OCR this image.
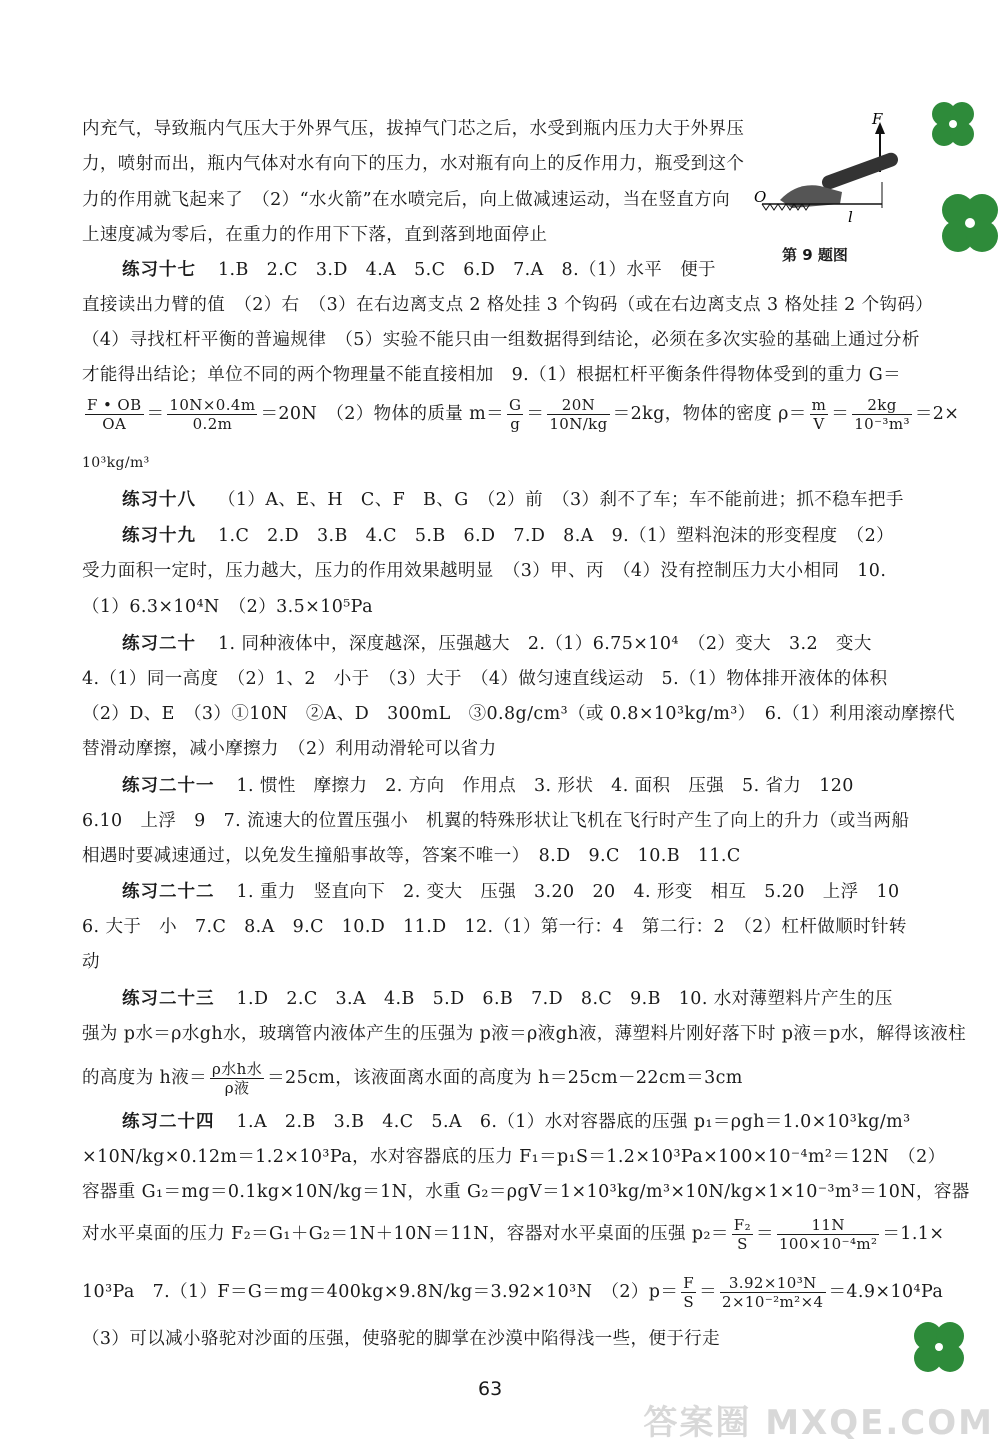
内充气，导致瓶内气压大于外界气压，拔掉气门芯之后，水受到瓶内压力大于外界压
力，喷射而出，瓶内气体对水有向下的压力，水对瓶有向上的反作用力，瓶受到这个
力的作用就飞起来了　（2）“水火箭”在水喷完后，向上做减速运动，当在竖直方向
上速度减为零后，在重力的作用下下落，直到落到地面停止
O
F
l
第 9 题图
练习十七 1.B　2.C　3.D　4.A　5.C　6.D　7.A　8.（1）水平　便于
直接读出力臂的值　（2）右　（3）在右边离支点 2 格处挂 3 个钩码（或在右边离支点 3 格处挂 2 个钩码）
（4）寻找杠杆平衡的普遍规律　（5）实验不能只由一组数据得到结论，必须在多次实验的基础上通过分析
才能得出结论；单位不同的两个物理量不能直接相加　9.（1）根据杠杆平衡条件得物体受到的重力 G＝
$\frac{F • OB}{OA} = \frac{10N\times 0.4m}{0.2m} =20N$　（2）物体的质量 $m= \frac{G}{g} = \frac{20N}{10N/kg} =2kg$，物体的密度 $\rho= \frac{m}{V} = \frac{2kg}{\text{10⁻³m³}} =2\times$
10³kg/m³
练习十八 （1）A、E、H　C、F　B、G　（2）前　（3）刹不了车；车不能前进；抓不稳车把手
练习十九 1.C　2.D　3.B　4.C　5.B　6.D　7.D　8.A　9.（1）塑料泡沫的形变程度　（2）
受力面积一定时，压力越大，压力的作用效果越明显　（3）甲、丙　（4）没有控制压力大小相同　10.
（1）6.3×10⁴N　（2）3.5×10⁵Pa
练习二十 1. 同种液体中，深度越深，压强越大　2.（1）6.75×10⁴　（2）变大　3.2　变大
4.（1）同一高度　（2）1、2　小于　（3）大于　（4）做匀速直线运动　5.（1）物体排开液体的体积
（2）D、E　（3）①10N　②A、D　300mL　③0.8g/cm³（或 0.8×10³kg/m³）　6.（1）利用滚动摩擦代
替滑动摩擦，减小摩擦力　（2）利用动滑轮可以省力
练习二十一 1. 惯性　摩擦力　2. 方向　作用点　3. 形状　4. 面积　压强　5. 省力　120
6.10　上浮　9　7. 流速大的位置压强小　机翼的特殊形状让飞机在飞行时产生了向上的升力（或当两船
相遇时要减速通过，以免发生撞船事故等，答案不唯一）　8.D　9.C　10.B　11.C
练习二十二 1. 重力　竖直向下　2. 变大　压强　3.20　20　4. 形变　相互　5.20　上浮　10
6. 大于　小　7.C　8.A　9.C　10.D　11.D　12.（1）第一行：4　第二行：2　（2）杠杆做顺时针转
动
练习二十三 1.D　2.C　3.A　4.B　5.D　6.B　7.D　8.C　9.B　10. 水对薄塑料片产生的压
强为 p水＝ρ水gh水，玻璃管内液体产生的压强为 p液＝ρ液gh液，薄塑料片刚好落下时 p液＝p水，解得该液柱
的高度为 h液＝ $\frac{\text{ρ水h水}}{\text{ρ液}} =25cm$，该液面离水面的高度为 h＝25cm－22cm＝3cm
练习二十四 1.A　2.B　3.B　4.C　5.A　6.（1）水对容器底的压强 p₁＝ρgh＝1.0×10³kg/m³
×10N/kg×0.12m＝1.2×10³Pa，水对容器底的压力 F₁＝p₁S＝1.2×10³Pa×100×10⁻⁴m²＝12N　（2）
容器重 G₁＝mg＝0.1kg×10N/kg＝1N，水重 G₂＝ρgV＝1×10³kg/m³×10N/kg×1×10⁻³m³＝10N，容器
对水平桌面的压力 F₂＝G₁＋G₂＝1N＋10N＝11N，容器对水平桌面的压强 $p_2= \frac{\text{F₂}}{S} = \frac{11N}{\text{100×10⁻⁴m²}} =1.1\times$
10³Pa　7.（1）F＝G＝mg＝400kg×9.8N/kg＝3.92×10³N　$(2)p= \frac{F}{S} = \frac{\text{3.92×10³N}}{\text{2×10⁻²m²×4}} =4.9\times 10^4Pa$
（3）可以减小骆驼对沙面的压强，使骆驼的脚掌在沙漠中陷得浅一些，便于行走
63
答案圈 MXQE.COM
